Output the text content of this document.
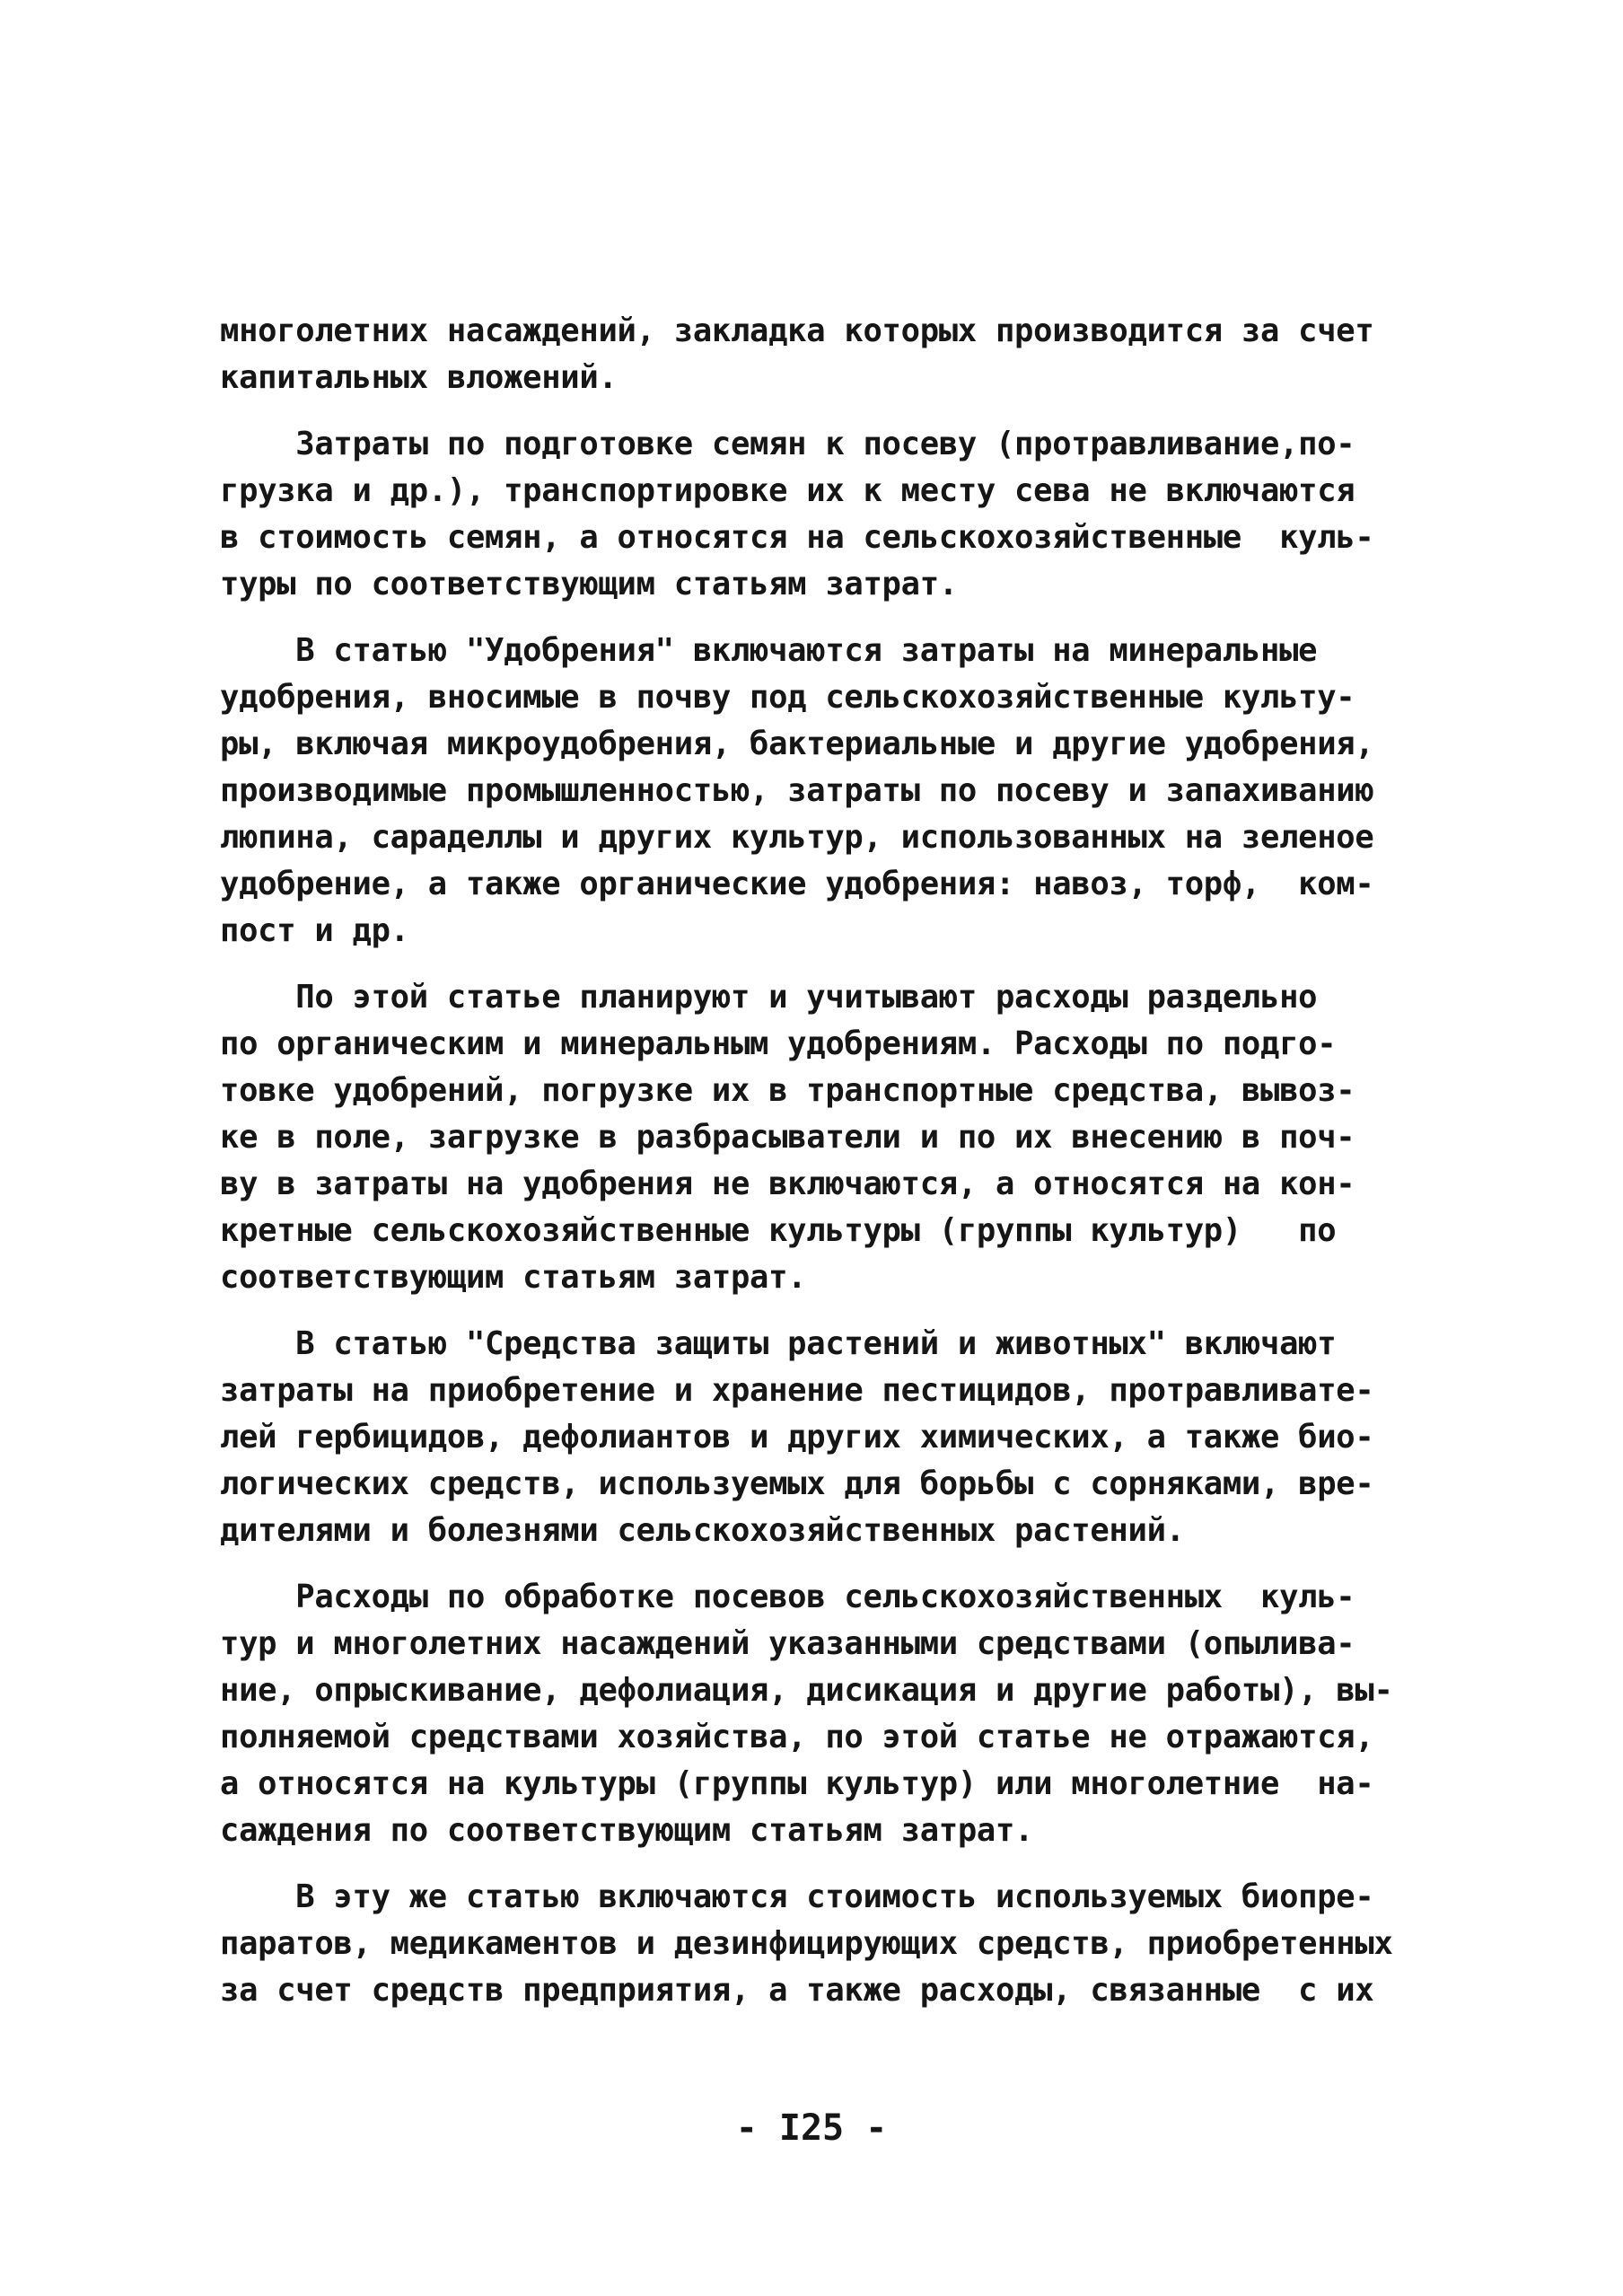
многолетних насаждений, закладка которых производится за счет
капитальных вложений.
Затраты по подготовке семян к посеву (протравливание,по-
грузка и др.), транспортировке их к месту сева не включаются
в стоимость семян, а относятся на сельскохозяйственные  куль-
туры по соответствующим статьям затрат.
В статью "Удобрения" включаются затраты на минеральные
удобрения, вносимые в почву под сельскохозяйственные культу-
ры, включая микроудобрения, бактериальные и другие удобрения,
производимые промышленностью, затраты по посеву и запахиванию
люпина, сараделлы и других культур, использованных на зеленое
удобрение, а также органические удобрения: навоз, торф,  ком-
пост и др.
По этой статье планируют и учитывают расходы раздельно
по органическим и минеральным удобрениям. Расходы по подго-
товке удобрений, погрузке их в транспортные средства, вывоз-
ке в поле, загрузке в разбрасыватели и по их внесению в поч-
ву в затраты на удобрения не включаются, а относятся на кон-
кретные сельскохозяйственные культуры (группы культур)   по
соответствующим статьям затрат.
В статью "Средства защиты растений и животных" включают
затраты на приобретение и хранение пестицидов, протравливате-
лей гербицидов, дефолиантов и других химических, а также био-
логических средств, используемых для борьбы с сорняками, вре-
дителями и болезнями сельскохозяйственных растений.
Расходы по обработке посевов сельскохозяйственных  куль-
тур и многолетних насаждений указанными средствами (опылива-
ние, опрыскивание, дефолиация, дисикация и другие работы), вы-
полняемой средствами хозяйства, по этой статье не отражаются,
а относятся на культуры (группы культур) или многолетние  на-
саждения по соответствующим статьям затрат.
В эту же статью включаются стоимость используемых биопре-
паратов, медикаментов и дезинфицирующих средств, приобретенных
за счет средств предприятия, а также расходы, связанные  с их
- I25 -
